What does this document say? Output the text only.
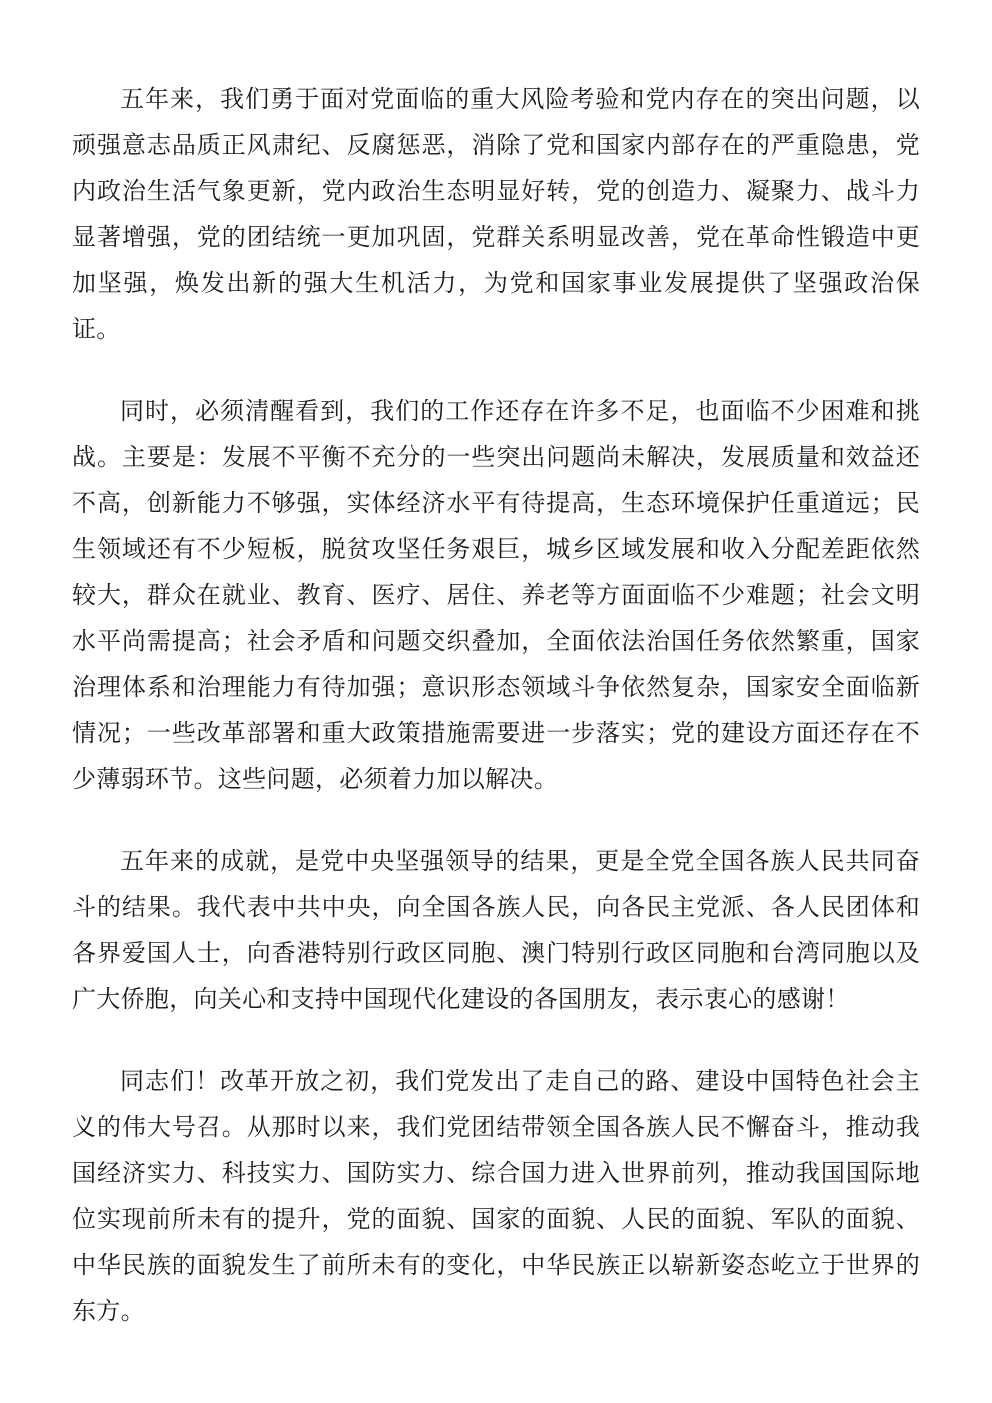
五年来，我们勇于面对党面临的重大风险考验和党内存在的突出问题，以顽强意志品质正风肃纪、反腐惩恶，消除了党和国家内部存在的严重隐患，党内政治生活气象更新，党内政治生态明显好转，党的创造力、凝聚力、战斗力显著增强，党的团结统一更加巩固，党群关系明显改善，党在革命性锻造中更加坚强，焕发出新的强大生机活力，为党和国家事业发展提供了坚强政治保证。

同时，必须清醒看到，我们的工作还存在许多不足，也面临不少困难和挑战。主要是：发展不平衡不充分的一些突出问题尚未解决，发展质量和效益还不高，创新能力不够强，实体经济水平有待提高，生态环境保护任重道远；民生领域还有不少短板，脱贫攻坚任务艰巨，城乡区域发展和收入分配差距依然较大，群众在就业、教育、医疗、居住、养老等方面面临不少难题；社会文明水平尚需提高；社会矛盾和问题交织叠加，全面依法治国任务依然繁重，国家治理体系和治理能力有待加强；意识形态领域斗争依然复杂，国家安全面临新情况；一些改革部署和重大政策措施需要进一步落实；党的建设方面还存在不少薄弱环节。这些问题，必须着力加以解决。

五年来的成就，是党中央坚强领导的结果，更是全党全国各族人民共同奋斗的结果。我代表中共中央，向全国各族人民，向各民主党派、各人民团体和各界爱国人士，向香港特别行政区同胞、澳门特别行政区同胞和台湾同胞以及广大侨胞，向关心和支持中国现代化建设的各国朋友，表示衷心的感谢！

同志们！改革开放之初，我们党发出了走自己的路、建设中国特色社会主义的伟大号召。从那时以来，我们党团结带领全国各族人民不懈奋斗，推动我国经济实力、科技实力、国防实力、综合国力进入世界前列，推动我国国际地位实现前所未有的提升，党的面貌、国家的面貌、人民的面貌、军队的面貌、中华民族的面貌发生了前所未有的变化，中华民族正以崭新姿态屹立于世界的东方。
